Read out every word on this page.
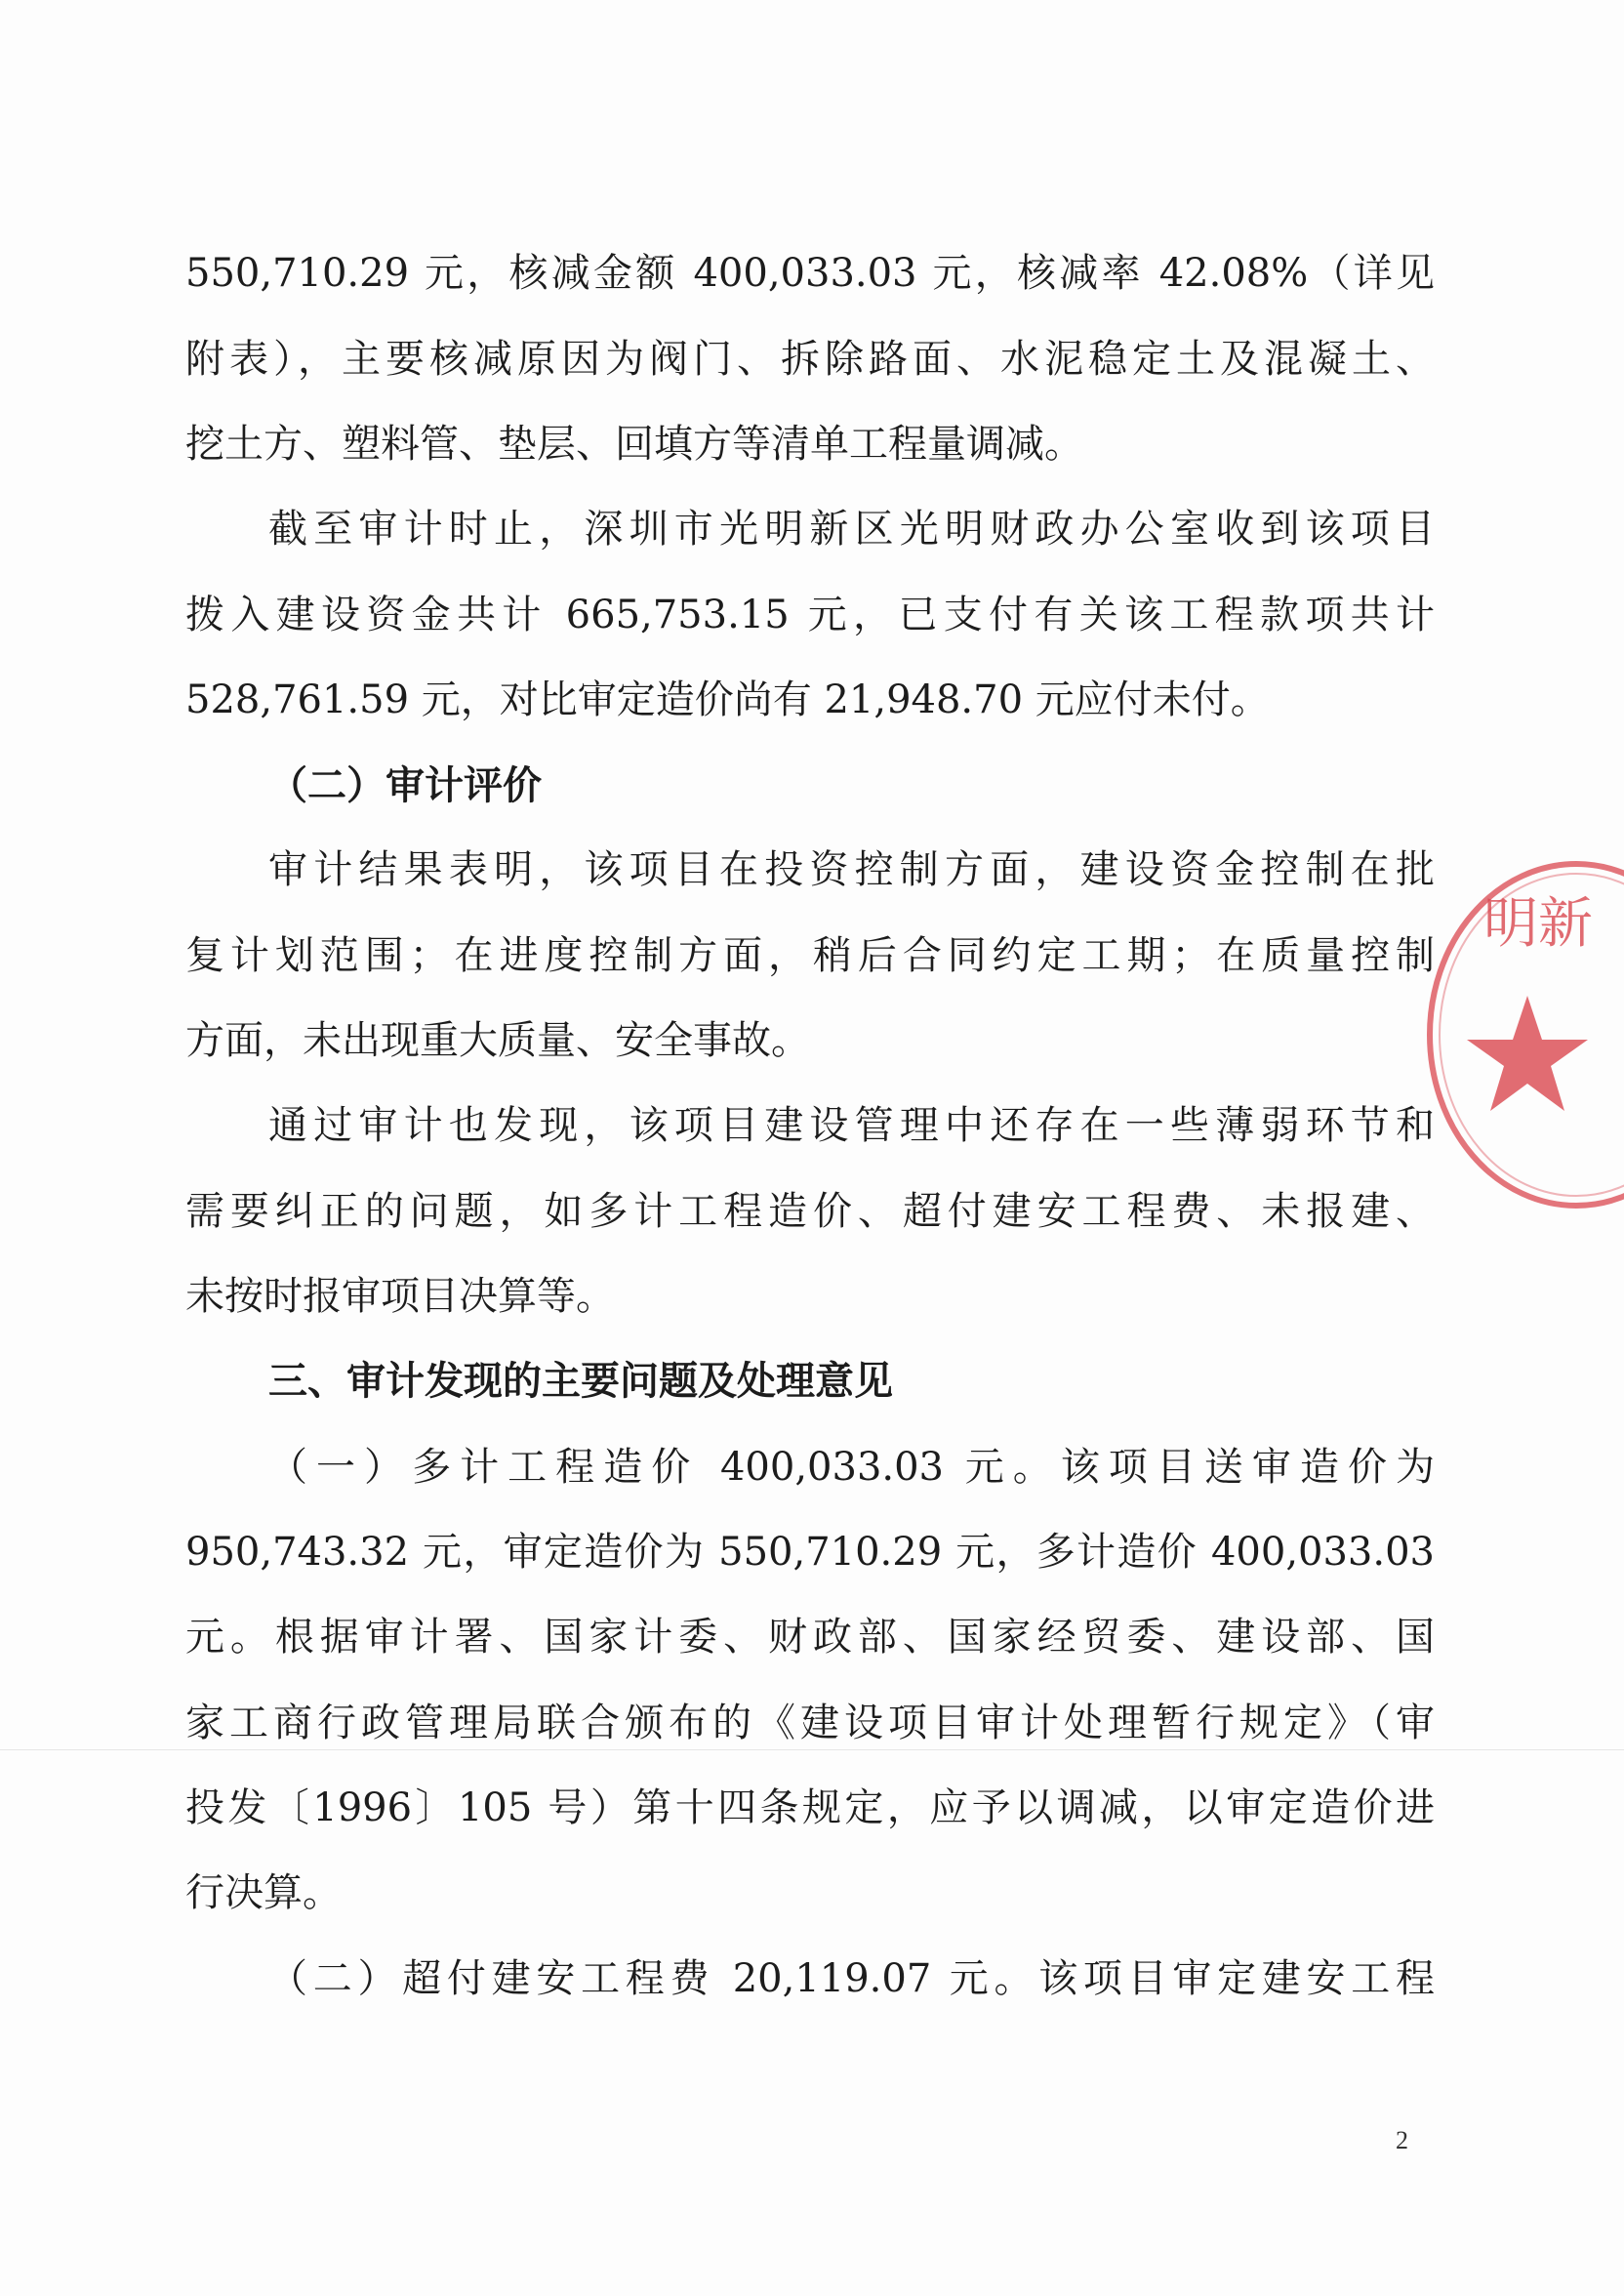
550,710.29 元，核减金额 400,033.03 元，核减率 42.08%（详见
附表），主要核减原因为阀门、拆除路面、水泥稳定土及混凝土、
挖土方、塑料管、垫层、回填方等清单工程量调减。
截至审计时止，深圳市光明新区光明财政办公室收到该项目
拨入建设资金共计 665,753.15 元，已支付有关该工程款项共计
528,761.59 元，对比审定造价尚有 21,948.70 元应付未付。
（二）审计评价
审计结果表明，该项目在投资控制方面，建设资金控制在批
复计划范围；在进度控制方面，稍后合同约定工期；在质量控制
方面，未出现重大质量、安全事故。
通过审计也发现，该项目建设管理中还存在一些薄弱环节和
需要纠正的问题，如多计工程造价、超付建安工程费、未报建、
未按时报审项目决算等。
三、审计发现的主要问题及处理意见
（一）多计工程造价 400,033.03 元。该项目送审造价为
950,743.32 元，审定造价为 550,710.29 元，多计造价 400,033.03
元。根据审计署、国家计委、财政部、国家经贸委、建设部、国
家工商行政管理局联合颁布的《建设项目审计处理暂行规定》（审
投发〔1996〕105 号）第十四条规定，应予以调减，以审定造价进
行决算。
（二）超付建安工程费 20,119.07 元。该项目审定建安工程
明新
2
